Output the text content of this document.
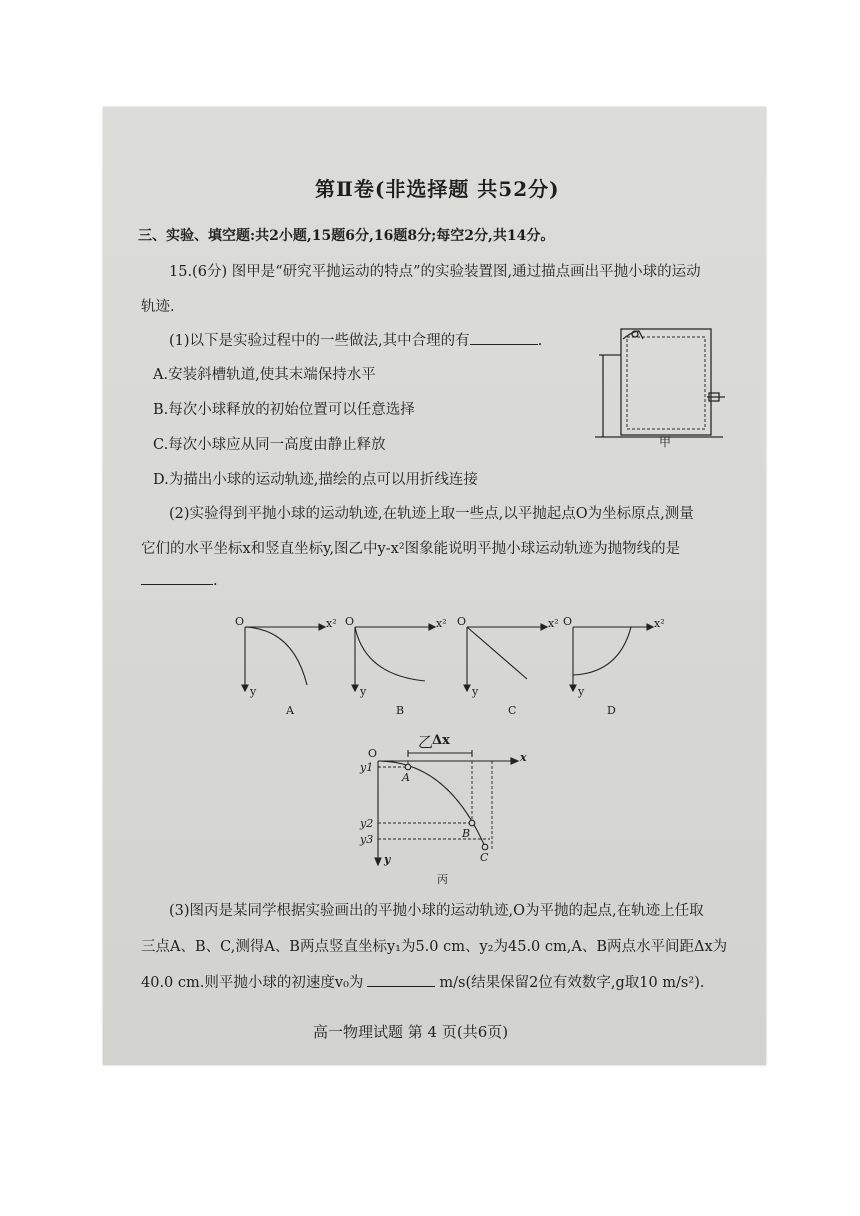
第Ⅱ卷(非选择题 共52分)
三、实验、填空题:共2小题,15题6分,16题8分;每空2分,共14分。
15.(6分) 图甲是“研究平抛运动的特点”的实验装置图,通过描点画出平抛小球的运动
轨迹.
(1)以下是实验过程中的一些做法,其中合理的有	.
A.安装斜槽轨道,使其末端保持水平
B.每次小球释放的初始位置可以任意选择
C.每次小球应从同一高度由静止释放
D.为描出小球的运动轨迹,描绘的点可以用折线连接
甲
(2)实验得到平抛小球的运动轨迹,在轨迹上取一些点,以平抛起点O为坐标原点,测量
它们的水平坐标x和竖直坐标y,图乙中y-x²图象能说明平抛小球运动轨迹为抛物线的是
.
O	x²
y
A
O	x²
y
B
O	x²
y
C
O	x²
y
D
乙
O
Δx
x
y
y1
y2
y3
A
B
C
丙
(3)图丙是某同学根据实验画出的平抛小球的运动轨迹,O为平抛的起点,在轨迹上任取
三点A、B、C,测得A、B两点竖直坐标y₁为5.0 cm、y₂为45.0 cm,A、B两点水平间距Δx为
40.0 cm.则平抛小球的初速度v₀为	m/s(结果保留2位有效数字,g取10 m/s²).
高一物理试题 第 4 页(共6页)
